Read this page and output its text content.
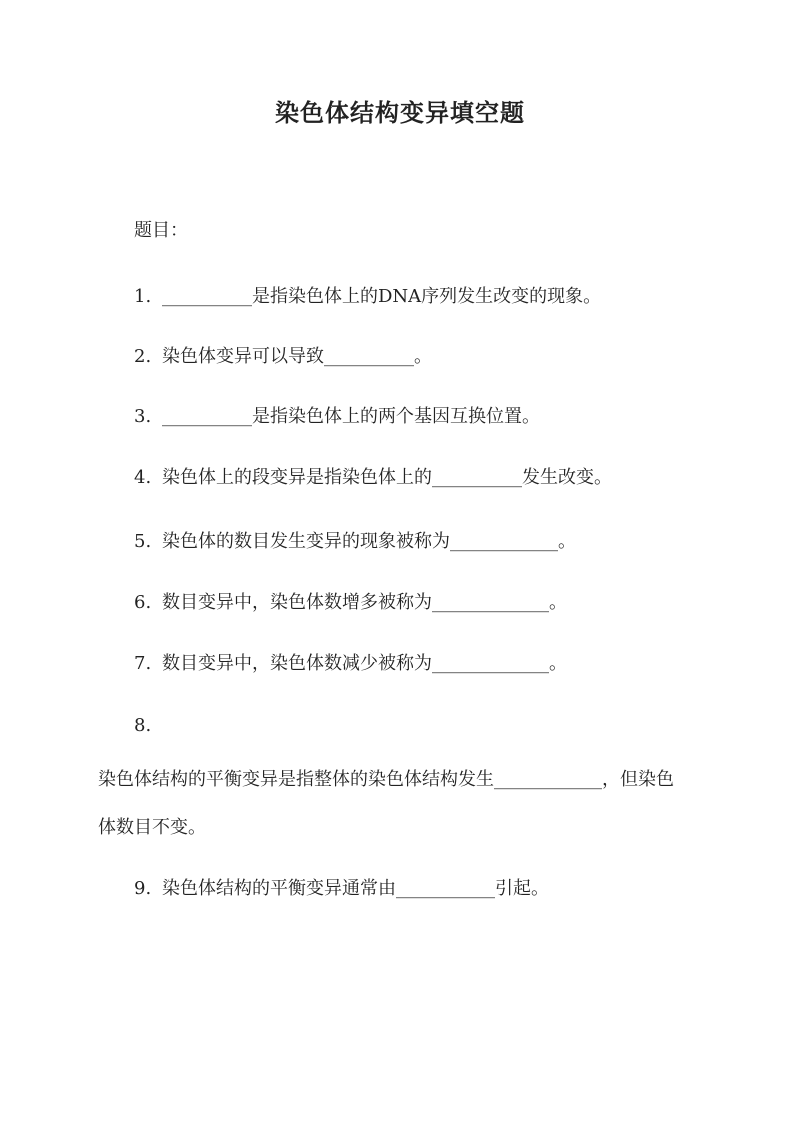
染色体结构变异填空题
题目：
1. __________是指染色体上的DNA序列发生改变的现象。
2. 染色体变异可以导致__________。
3. __________是指染色体上的两个基因互换位置。
4. 染色体上的段变异是指染色体上的__________发生改变。
5. 染色体的数目发生变异的现象被称为____________。
6. 数目变异中，染色体数增多被称为_____________。
7. 数目变异中，染色体数减少被称为_____________。
8.
染色体结构的平衡变异是指整体的染色体结构发生____________，但染色
体数目不变。
9. 染色体结构的平衡变异通常由___________引起。
